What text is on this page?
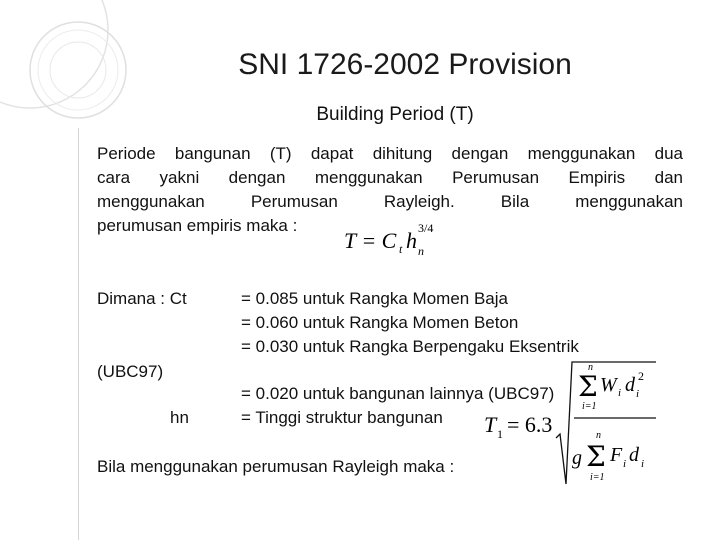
SNI 1726-2002 Provision
Building Period (T)
Periode bangunan (T) dapat dihitung dengan menggunakan dua
cara yakni dengan menggunakan Perumusan Empiris dan
menggunakan Perumusan Rayleigh. Bila menggunakan
perumusan empiris maka :
T = C t h n
3/4
Dimana : Ct	= 0.085 untuk Rangka Momen Baja
= 0.060 untuk Rangka Momen Beton
= 0.030 untuk Rangka Berpengaku Eksentrik
(UBC97)
= 0.020 untuk bangunan lainnya (UBC97)
hn	= Tinggi struktur bangunan
Bila menggunakan perumusan Rayleigh maka :
T 1 = 6.3
n
Σ
i=1
W i d i
2
g
n
Σ
i=1
F i d i
